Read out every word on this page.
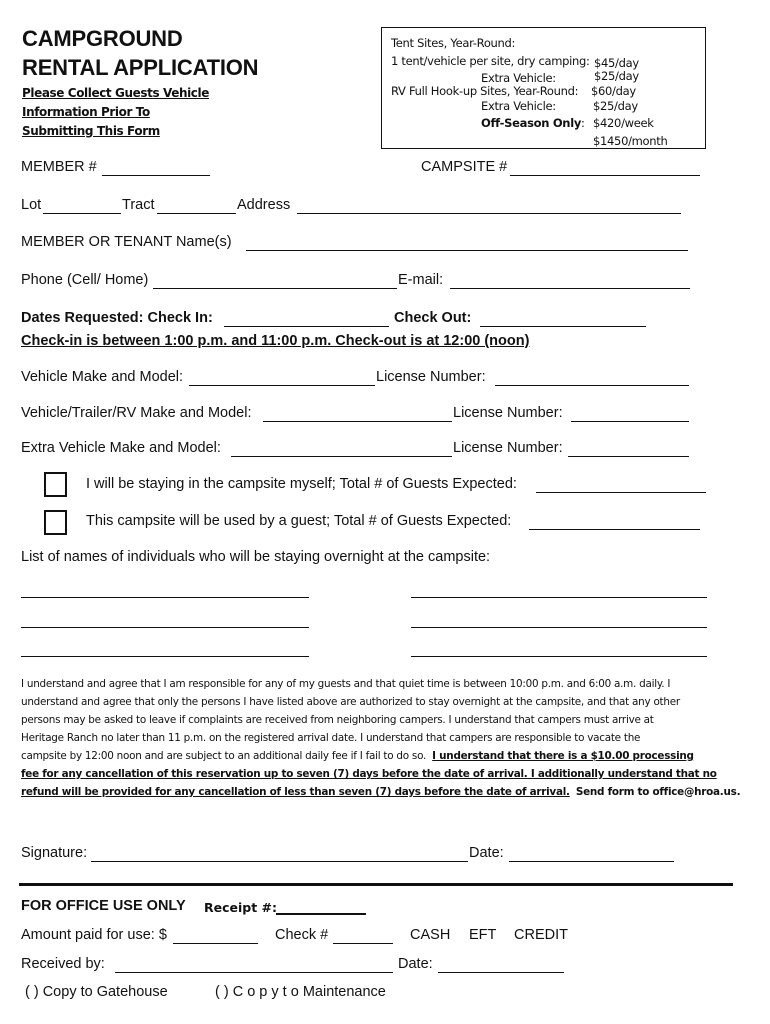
CAMPGROUND
RENTAL APPLICATION
Please Collect Guests Vehicle
Information Prior To
Submitting This Form
Tent Sites, Year-Round:
1 tent/vehicle per site, dry camping: $45/day
Extra Vehicle:	$25/day
RV Full Hook-up Sites, Year-Round: $60/day
Extra Vehicle:	$25/day
Off-Season Only: $420/week
$1450/month
MEMBER #	CAMPSITE #
Lot	Tract	Address
MEMBER OR TENANT Name(s)
Phone (Cell/ Home)	E-mail:
Dates Requested: Check In:	Check Out:
Check-in is between 1:00 p.m. and 11:00 p.m. Check-out is at 12:00 (noon)
Vehicle Make and Model:	License Number:
Vehicle/Trailer/RV Make and Model:	License Number:
Extra Vehicle Make and Model:	License Number:
I will be staying in the campsite myself; Total # of Guests Expected:
This campsite will be used by a guest; Total # of Guests Expected:
List of names of individuals who will be staying overnight at the campsite:
I understand and agree that I am responsible for any of my guests and that quiet time is between 10:00 p.m. and 6:00 a.m. daily. I
understand and agree that only the persons I have listed above are authorized to stay overnight at the campsite, and that any other
persons may be asked to leave if complaints are received from neighboring campers. I understand that campers must arrive at
Heritage Ranch no later than 11 p.m. on the registered arrival date. I understand that campers are responsible to vacate the
campsite by 12:00 noon and are subject to an additional daily fee if I fail to do so. I understand that there is a $10.00 processing
fee for any cancellation of this reservation up to seven (7) days before the date of arrival. I additionally understand that no
refund will be provided for any cancellation of less than seven (7) days before the date of arrival. Send form to office@hroa.us.
Signature:	Date:
FOR OFFICE USE ONLY Receipt #:
Amount paid for use: $	Check #	CASH EFT CREDIT
Received by:	Date:
( ) Copy to Gatehouse	( ) C o p y t o Maintenance
